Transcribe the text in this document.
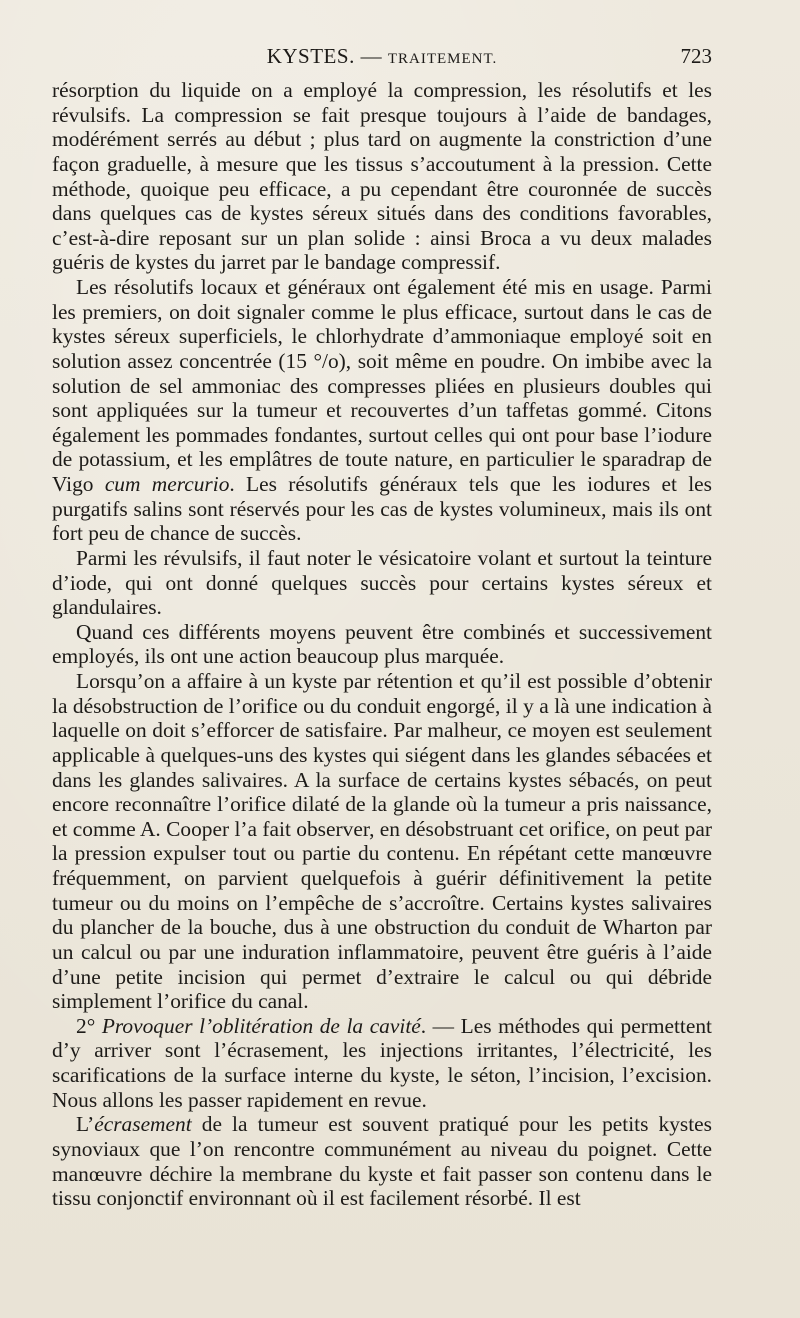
KYSTES. — TRAITEMENT.	723

résorption du liquide on a employé la compression, les résolutifs et les révulsifs. La compression se fait presque toujours à l’aide de bandages, modérément serrés au début ; plus tard on augmente la constriction d’une façon graduelle, à mesure que les tissus s’accoutument à la pression. Cette méthode, quoique peu efficace, a pu cependant être couronnée de succès dans quelques cas de kystes séreux situés dans des conditions favorables, c’est-à-dire reposant sur un plan solide : ainsi Broca a vu deux malades guéris de kystes du jarret par le bandage compressif.

Les résolutifs locaux et généraux ont également été mis en usage. Parmi les premiers, on doit signaler comme le plus efficace, surtout dans le cas de kystes séreux superficiels, le chlorhydrate d’ammoniaque employé soit en solution assez concentrée (15 °/o), soit même en poudre. On imbibe avec la solution de sel ammoniac des compresses pliées en plusieurs doubles qui sont appliquées sur la tumeur et recouvertes d’un taffetas gommé. Citons également les pommades fondantes, surtout celles qui ont pour base l’iodure de potassium, et les emplâtres de toute nature, en particulier le sparadrap de Vigo cum mercurio. Les résolutifs généraux tels que les iodures et les purgatifs salins sont réservés pour les cas de kystes volumineux, mais ils ont fort peu de chance de succès.

Parmi les révulsifs, il faut noter le vésicatoire volant et surtout la teinture d’iode, qui ont donné quelques succès pour certains kystes séreux et glandulaires.

Quand ces différents moyens peuvent être combinés et successivement employés, ils ont une action beaucoup plus marquée.

Lorsqu’on a affaire à un kyste par rétention et qu’il est possible d’obtenir la désobstruction de l’orifice ou du conduit engorgé, il y a là une indication à laquelle on doit s’efforcer de satisfaire. Par malheur, ce moyen est seulement applicable à quelques-uns des kystes qui siégent dans les glandes sébacées et dans les glandes salivaires. A la surface de certains kystes sébacés, on peut encore reconnaître l’orifice dilaté de la glande où la tumeur a pris naissance, et comme A. Cooper l’a fait observer, en désobstruant cet orifice, on peut par la pression expulser tout ou partie du contenu. En répétant cette manœuvre fréquemment, on parvient quelquefois à guérir définitivement la petite tumeur ou du moins on l’empêche de s’accroître. Certains kystes salivaires du plancher de la bouche, dus à une obstruction du conduit de Wharton par un calcul ou par une induration inflammatoire, peuvent être guéris à l’aide d’une petite incision qui permet d’extraire le calcul ou qui débride simplement l’orifice du canal.

2° Provoquer l’oblitération de la cavité. — Les méthodes qui permettent d’y arriver sont l’écrasement, les injections irritantes, l’électricité, les scarifications de la surface interne du kyste, le séton, l’incision, l’excision. Nous allons les passer rapidement en revue.

L’écrasement de la tumeur est souvent pratiqué pour les petits kystes synoviaux que l’on rencontre communément au niveau du poignet. Cette manœuvre déchire la membrane du kyste et fait passer son contenu dans le tissu conjonctif environnant où il est facilement résorbé. Il est
